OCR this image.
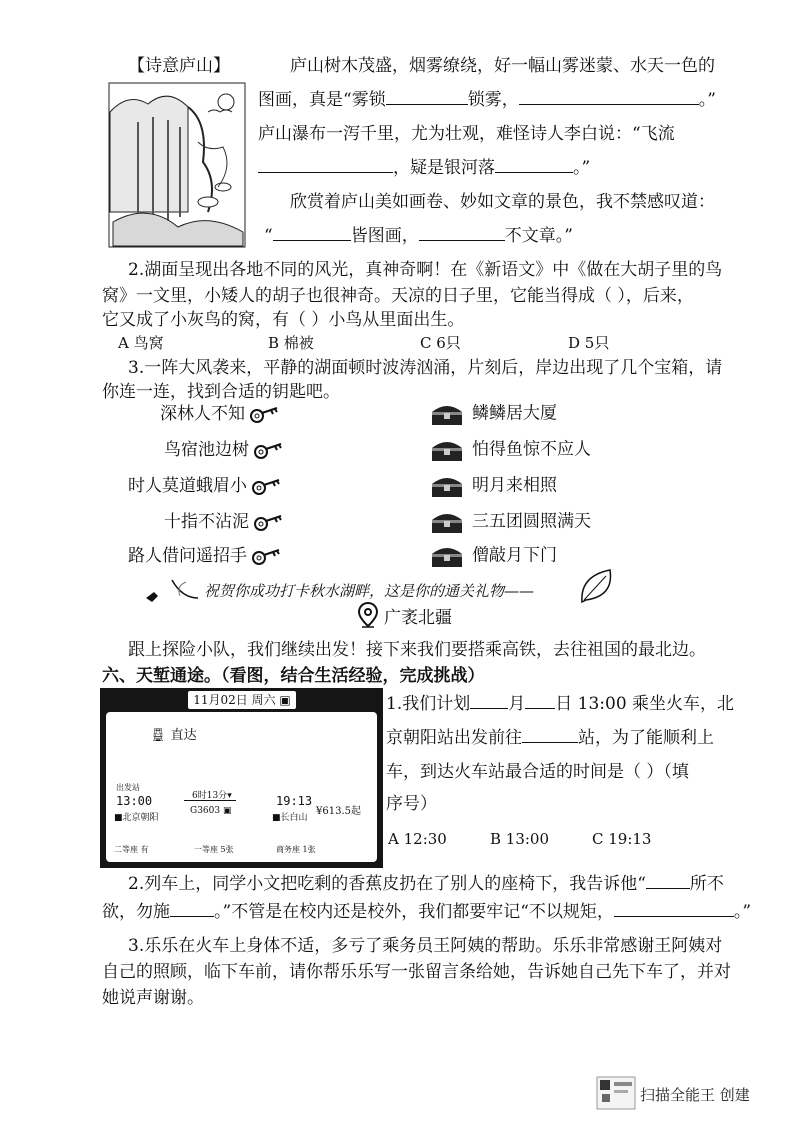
【诗意庐山】	庐山树木茂盛，烟雾缭绕，好一幅山雾迷蒙、水天一色的
图画，真是“雾锁	锁雾，	。”
庐山瀑布一泻千里，尤为壮观，难怪诗人李白说：“飞流
，疑是银河落	。”
欣赏着庐山美如画卷、妙如文章的景色，我不禁感叹道：
“	皆图画，	不文章。”
2.湖面呈现出各地不同的风光，真神奇啊！在《新语文》中《做在大胡子里的鸟
窝》一文里，小矮人的胡子也很神奇。天凉的日子里，它能当得成（ ），后来，
它又成了小灰鸟的窝，有（ ）小鸟从里面出生。
A 鸟窝	B 棉被	C 6只	D 5只
3.一阵大风袭来，平静的湖面顿时波涛汹涌，片刻后，岸边出现了几个宝箱，请
你连一连，找到合适的钥匙吧。
深林人不知
鸟宿池边树
时人莫道蛾眉小
十指不沾泥
路人借问遥招手
鳞鳞居大厦
怕得鱼惊不应人
明月来相照
三五团圆照满天
僧敲月下门
祝贺你成功打卡秋水湖畔，这是你的通关礼物——
广袤北疆
跟上探险小队，我们继续出发！接下来我们要搭乘高铁，去往祖国的最北边。
六、天堑通途。（看图，结合生活经验，完成挑战）
11月02日 周六 ▣
🚆︎ 直达
出发站
13:00
■北京朝阳
6时13分▾
G3603 ▣
19:13
■长白山
¥613.5起
二等座 有	一等座 5张	商务座 1张
1.我们计划 月 日 13:00 乘坐火车，北
京朝阳站出发前往	站，为了能顺利上
车，到达火车站最合适的时间是（ ）（填
序号）
A 12:30	B 13:00	C 19:13
2.列车上，同学小文把吃剩的香蕉皮扔在了别人的座椅下，我告诉他“	所不
欲，勿施	。”不管是在校内还是校外，我们都要牢记“不以规矩，	。”
3.乐乐在火车上身体不适，多亏了乘务员王阿姨的帮助。乐乐非常感谢王阿姨对
自己的照顾，临下车前，请你帮乐乐写一张留言条给她，告诉她自己先下车了，并对
她说声谢谢。
扫描全能王 创建
